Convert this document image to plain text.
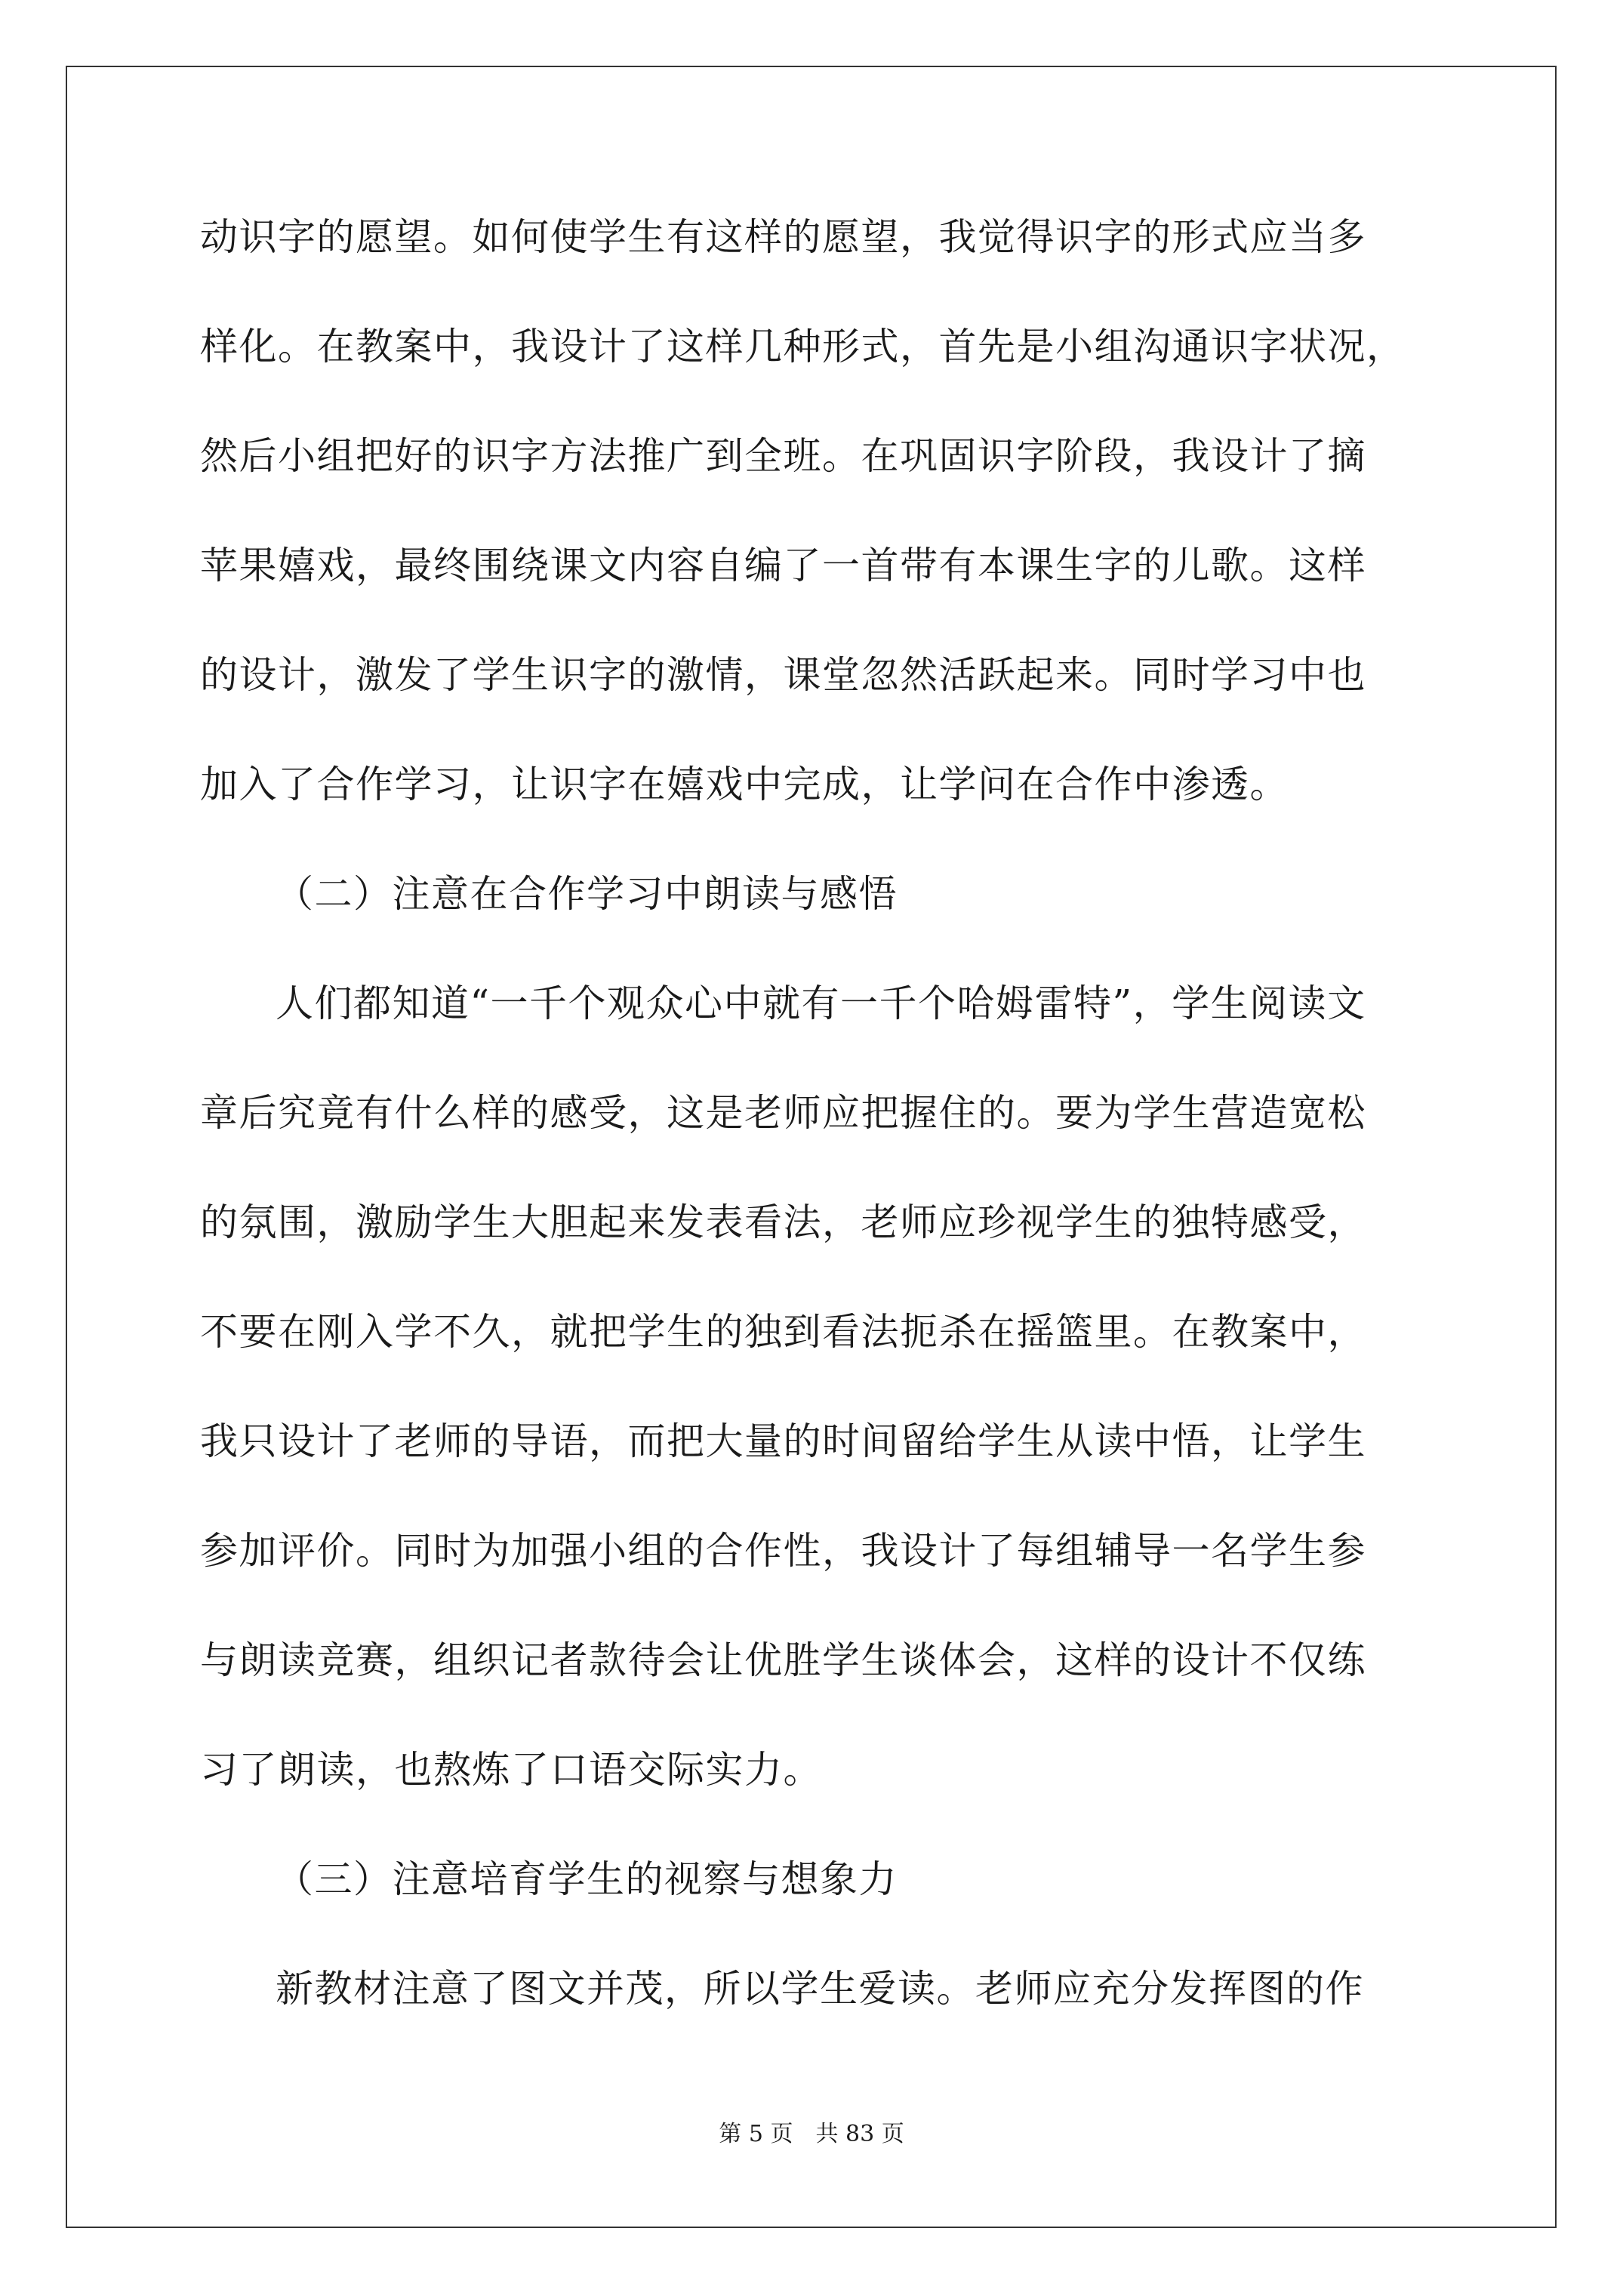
动识字的愿望。如何使学生有这样的愿望，我觉得识字的形式应当多
样化。在教案中，我设计了这样几种形式，首先是小组沟通识字状况，
然后小组把好的识字方法推广到全班。在巩固识字阶段，我设计了摘
苹果嬉戏，最终围绕课文内容自编了一首带有本课生字的儿歌。这样
的设计，激发了学生识字的激情，课堂忽然活跃起来。同时学习中也
加入了合作学习，让识字在嬉戏中完成，让学问在合作中渗透。
（二）注意在合作学习中朗读与感悟
人们都知道“一千个观众心中就有一千个哈姆雷特”，学生阅读文
章后究竟有什么样的感受，这是老师应把握住的。要为学生营造宽松
的氛围，激励学生大胆起来发表看法，老师应珍视学生的独特感受，
不要在刚入学不久，就把学生的独到看法扼杀在摇篮里。在教案中，
我只设计了老师的导语，而把大量的时间留给学生从读中悟，让学生
参加评价。同时为加强小组的合作性，我设计了每组辅导一名学生参
与朗读竞赛，组织记者款待会让优胜学生谈体会，这样的设计不仅练
习了朗读，也熬炼了口语交际实力。
（三）注意培育学生的视察与想象力
新教材注意了图文并茂，所以学生爱读。老师应充分发挥图的作
第 5 页　共 83 页
